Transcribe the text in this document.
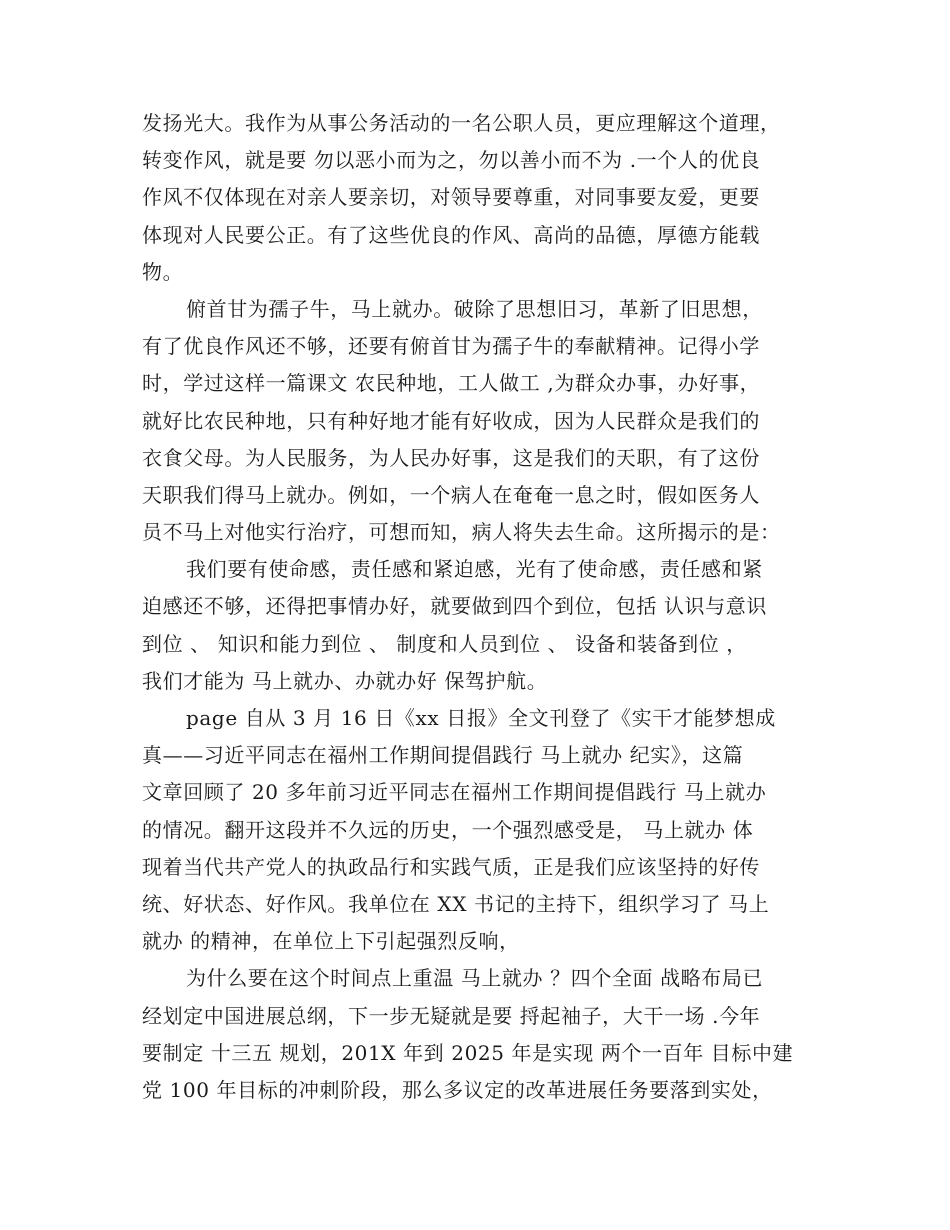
发扬光大。我作为从事公务活动的一名公职人员，更应理解这个道理，
转变作风，就是要 勿以恶小而为之，勿以善小而不为 .一个人的优良
作风不仅体现在对亲人要亲切，对领导要尊重，对同事要友爱，更要
体现对人民要公正。有了这些优良的作风、高尚的品德，厚德方能载
物。
俯首甘为孺子牛，马上就办。破除了思想旧习，革新了旧思想，
有了优良作风还不够，还要有俯首甘为孺子牛的奉献精神。记得小学
时，学过这样一篇课文 农民种地，工人做工 ,为群众办事，办好事，
就好比农民种地，只有种好地才能有好收成，因为人民群众是我们的
衣食父母。为人民服务，为人民办好事，这是我们的天职，有了这份
天职我们得马上就办。例如，一个病人在奄奄一息之时，假如医务人
员不马上对他实行治疗，可想而知，病人将失去生命。这所揭示的是：
我们要有使命感，责任感和紧迫感，光有了使命感，责任感和紧
迫感还不够，还得把事情办好，就要做到四个到位，包括 认识与意识
到位 、 知识和能力到位 、 制度和人员到位 、 设备和装备到位 ，
我们才能为 马上就办、办就办好 保驾护航。
page 自从 3 月 16 日《xx 日报》全文刊登了《实干才能梦想成
真——习近平同志在福州工作期间提倡践行 马上就办 纪实》，这篇
文章回顾了 20 多年前习近平同志在福州工作期间提倡践行 马上就办
的情况。翻开这段并不久远的历史，一个强烈感受是， 马上就办 体
现着当代共产党人的执政品行和实践气质，正是我们应该坚持的好传
统、好状态、好作风。我单位在 XX 书记的主持下，组织学习了 马上
就办 的精神，在单位上下引起强烈反响，
为什么要在这个时间点上重温 马上就办 ？四个全面 战略布局已
经划定中国进展总纲，下一步无疑就是要 捋起袖子，大干一场 .今年
要制定 十三五 规划，201X 年到 2025 年是实现 两个一百年 目标中建
党 100 年目标的冲刺阶段，那么多议定的改革进展任务要落到实处，
